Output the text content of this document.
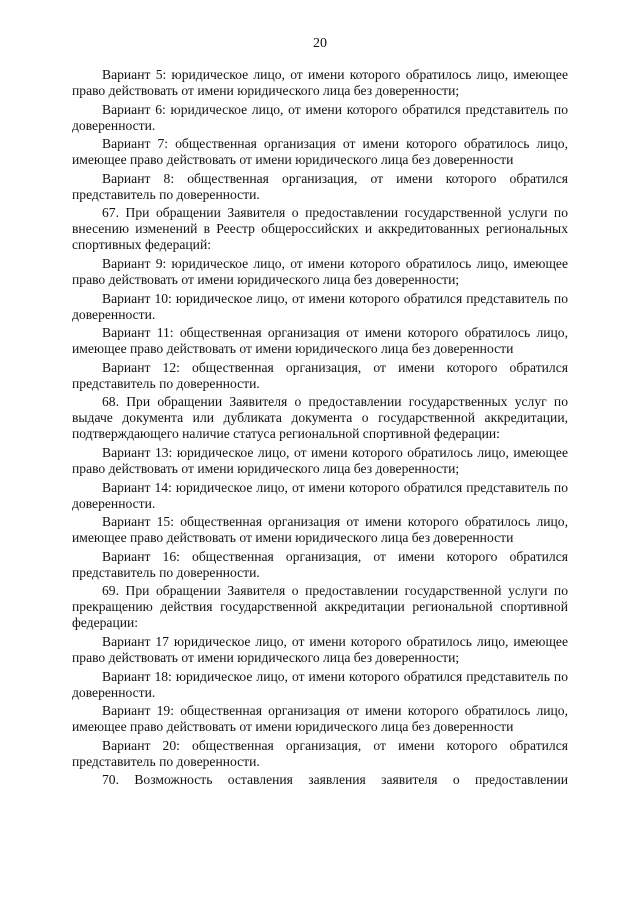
20

Вариант 5: юридическое лицо, от имени которого обратилось лицо, имеющее право действовать от имени юридического лица без доверенности;

Вариант 6: юридическое лицо, от имени которого обратился представитель по доверенности.

Вариант 7: общественная организация от имени которого обратилось лицо, имеющее право действовать от имени юридического лица без доверенности

Вариант 8: общественная организация, от имени которого обратился представитель по доверенности.

67. При обращении Заявителя о предоставлении государственной услуги по внесению изменений в Реестр общероссийских и аккредитованных региональных спортивных федераций:

Вариант 9: юридическое лицо, от имени которого обратилось лицо, имеющее право действовать от имени юридического лица без доверенности;

Вариант 10: юридическое лицо, от имени которого обратился представитель по доверенности.

Вариант 11: общественная организация от имени которого обратилось лицо, имеющее право действовать от имени юридического лица без доверенности

Вариант 12: общественная организация, от имени которого обратился представитель по доверенности.

68. При обращении Заявителя о предоставлении государственных услуг по выдаче документа или дубликата документа о государственной аккредитации, подтверждающего наличие статуса региональной спортивной федерации:

Вариант 13: юридическое лицо, от имени которого обратилось лицо, имеющее право действовать от имени юридического лица без доверенности;

Вариант 14: юридическое лицо, от имени которого обратился представитель по доверенности.

Вариант 15: общественная организация от имени которого обратилось лицо, имеющее право действовать от имени юридического лица без доверенности

Вариант 16: общественная организация, от имени которого обратился представитель по доверенности.

69. При обращении Заявителя о предоставлении государственной услуги по прекращению действия государственной аккредитации региональной спортивной федерации:

Вариант 17 юридическое лицо, от имени которого обратилось лицо, имеющее право действовать от имени юридического лица без доверенности;

Вариант 18: юридическое лицо, от имени которого обратился представитель по доверенности.

Вариант 19: общественная организация от имени которого обратилось лицо, имеющее право действовать от имени юридического лица без доверенности

Вариант 20: общественная организация, от имени которого обратился представитель по доверенности.

70. Возможность оставления заявления заявителя о предоставлении
